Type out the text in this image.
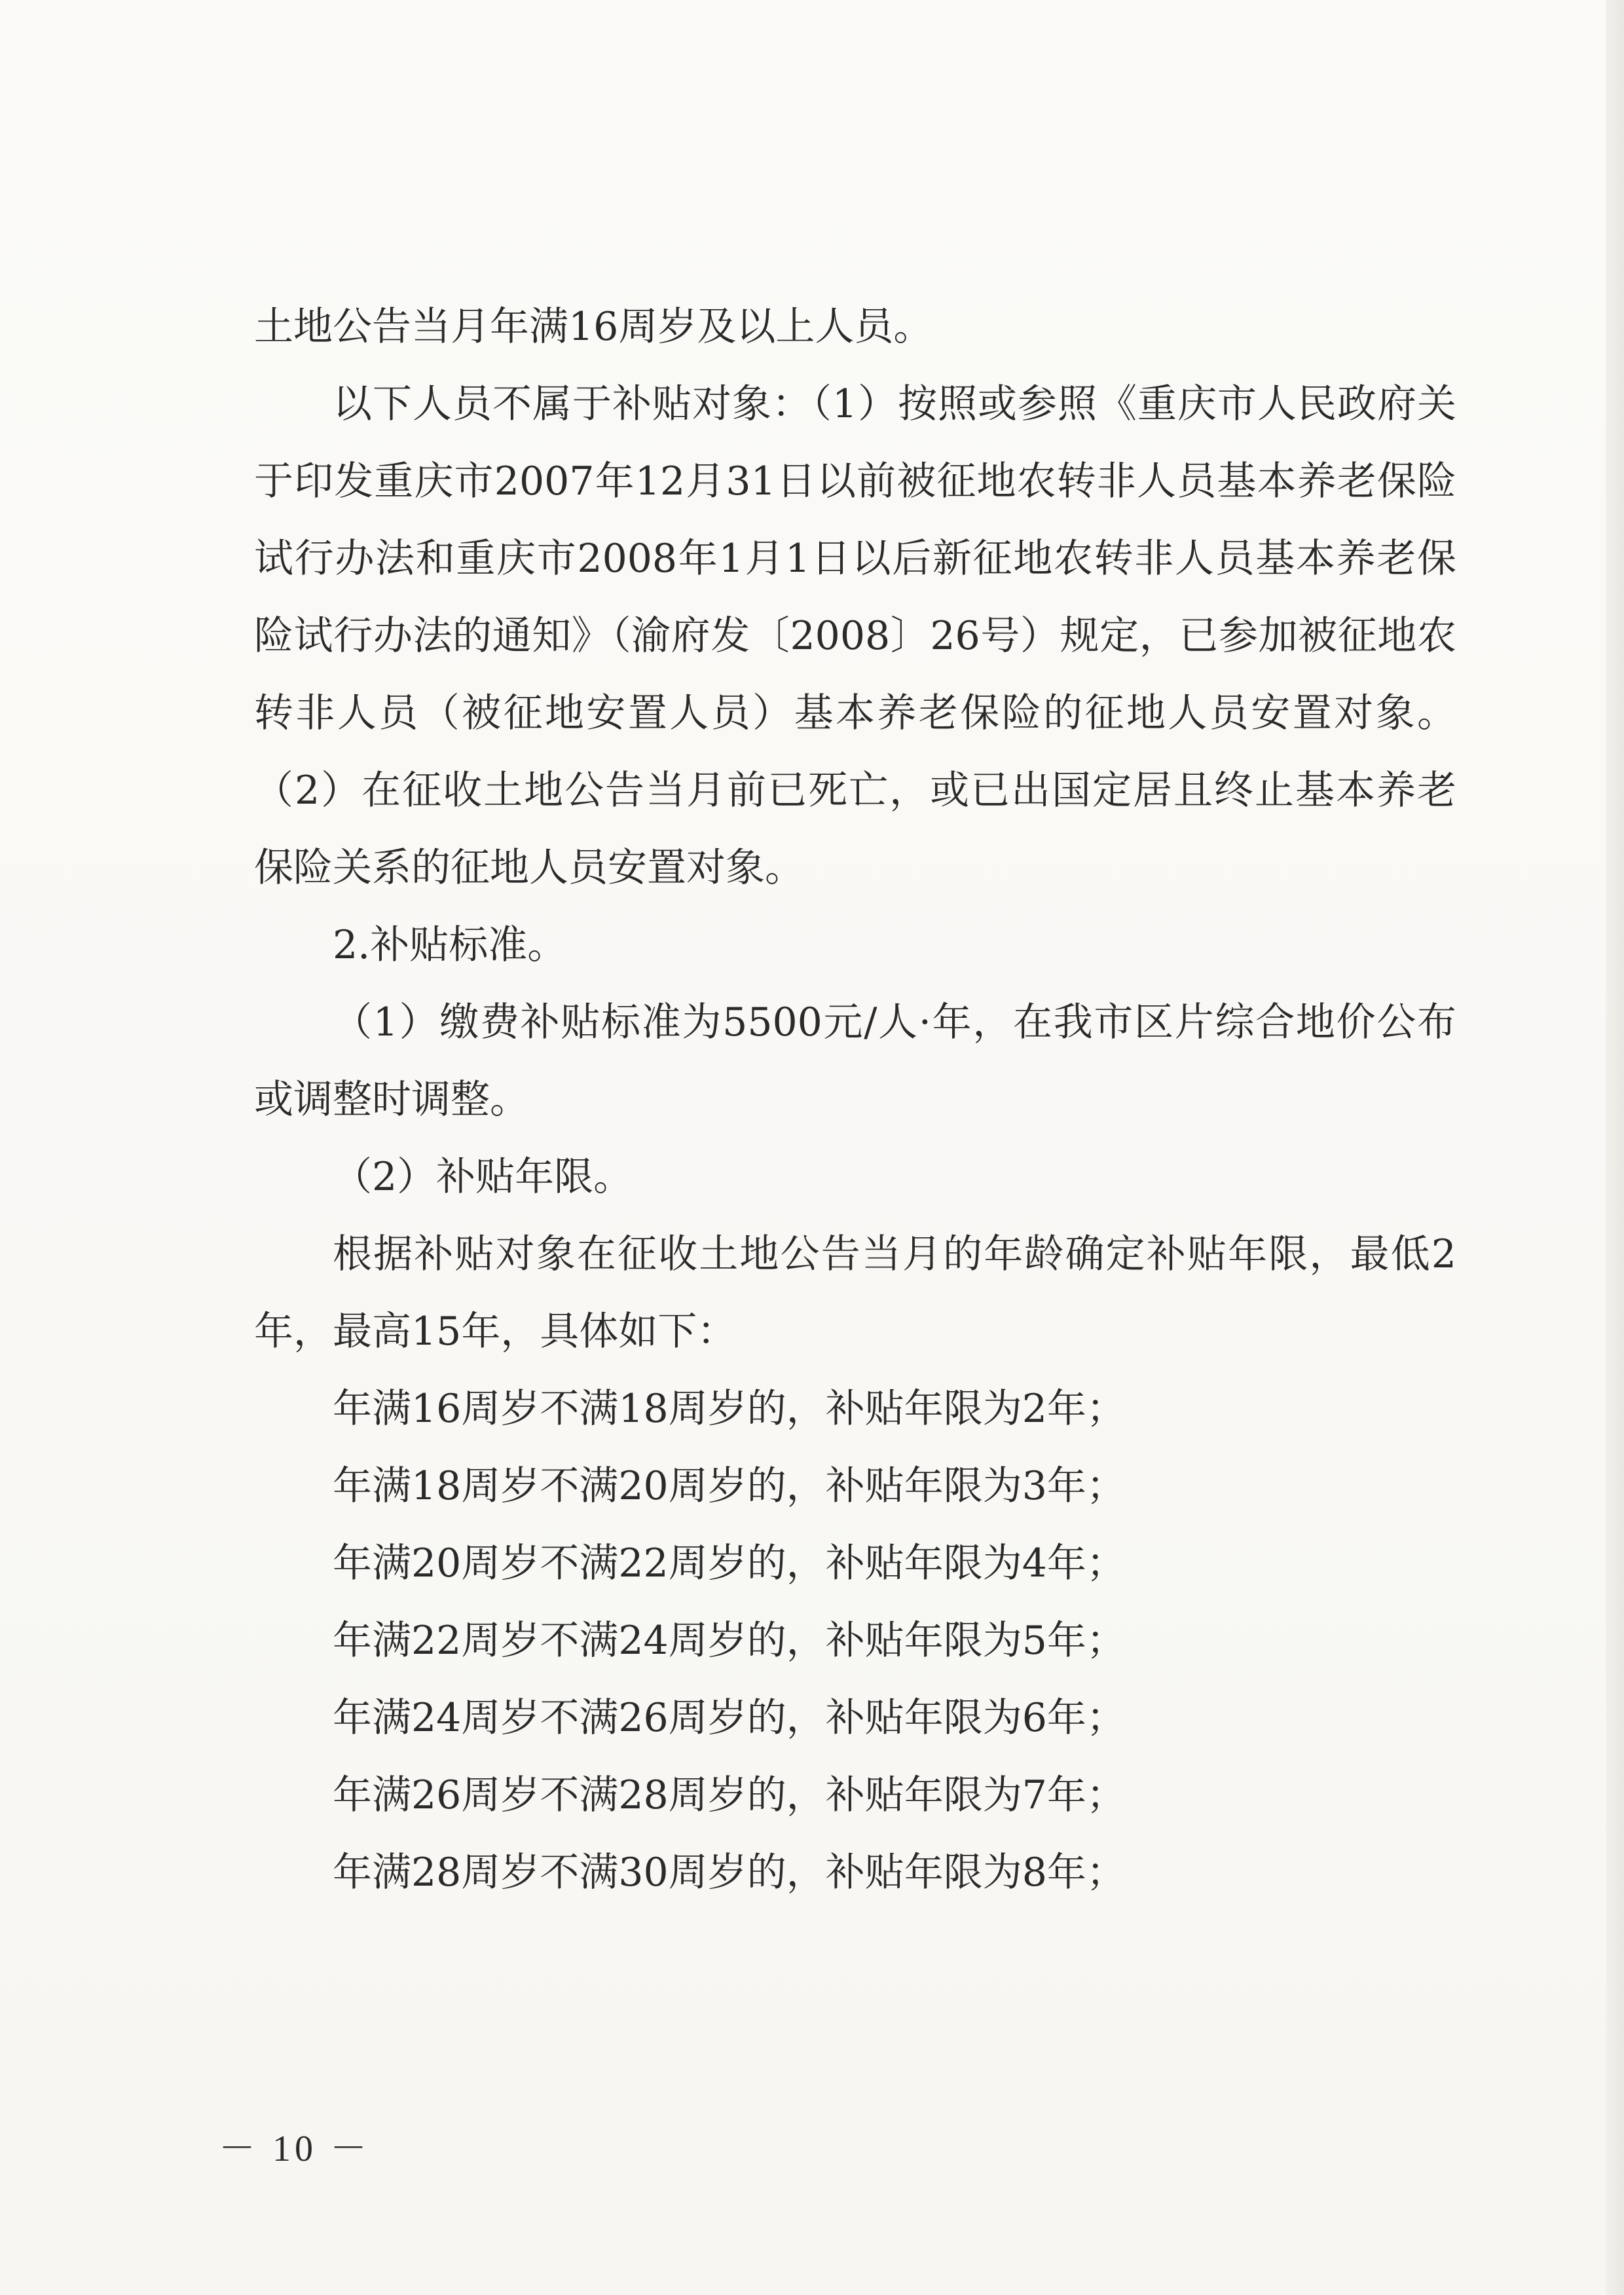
土地公告当月年满16周岁及以上人员。

以下人员不属于补贴对象：（1）按照或参照《重庆市人民政府关于印发重庆市2007年12月31日以前被征地农转非人员基本养老保险试行办法和重庆市2008年1月1日以后新征地农转非人员基本养老保险试行办法的通知》（渝府发〔2008〕26号）规定，已参加被征地农转非人员（被征地安置人员）基本养老保险的征地人员安置对象。（2）在征收土地公告当月前已死亡，或已出国定居且终止基本养老保险关系的征地人员安置对象。

2.补贴标准。

（1）缴费补贴标准为5500元/人·年，在我市区片综合地价公布或调整时调整。

（2）补贴年限。

根据补贴对象在征收土地公告当月的年龄确定补贴年限，最低2年，最高15年，具体如下：

年满16周岁不满18周岁的，补贴年限为2年；

年满18周岁不满20周岁的，补贴年限为3年；

年满20周岁不满22周岁的，补贴年限为4年；

年满22周岁不满24周岁的，补贴年限为5年；

年满24周岁不满26周岁的，补贴年限为6年；

年满26周岁不满28周岁的，补贴年限为7年；

年满28周岁不满30周岁的，补贴年限为8年；

－ 10 －
